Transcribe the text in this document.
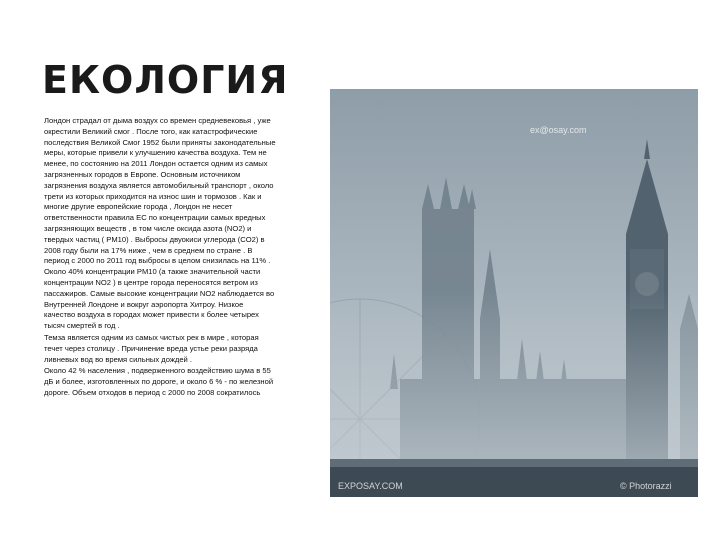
ЕКОЛОГИЯ

Лондон страдал от дыма воздух со времен средневековья , уже окрестили Великий смог . После того, как катастрофические последствия Великой Смог 1952 были приняты законодательные меры, которые привели к улучшению качества воздуха. Тем не менее, по состоянию на 2011 Лондон остается одним из самых загрязненных городов в Европе. Основным источником загрязнения воздуха является автомобильный транспорт , около трети из которых приходится на износ шин и тормозов . Как и многие другие европейские города , Лондон не несет ответственности правила ЕС по концентрации самых вредных загрязняющих веществ , в том числе оксида азота (NO2) и твердых частиц ( PM10) . Выбросы двуокиси углерода (CO2) в 2008 году были на 17% ниже , чем в среднем по стране . В период с 2000 по 2011 год выбросы в целом снизилась на 11% . Около 40% концентрации PM10 (а также значительной части концентрации NO2 ) в центре города переносятся ветром из пассажиров. Самые высокие концентрации NO2 наблюдается во Внутренней Лондоне и вокруг аэропорта Хитроу. Низкое качество воздуха в городах может привести к более четырех тысяч смертей в год .

Темза является одним из самых чистых рек в мире , которая течет через столицу . Причинение вреда устье реки разряда ливневых вод во время сильных дождей .

Около 42 % населения , подверженного воздействию шума в 55 дБ и более, изготовленных по дороге, и около 6 % - по железной дороге. Объем отходов в период с 2000 по 2008 сократилось

ex@osay.com
EXPOSAY.COM	© Photorazzi
